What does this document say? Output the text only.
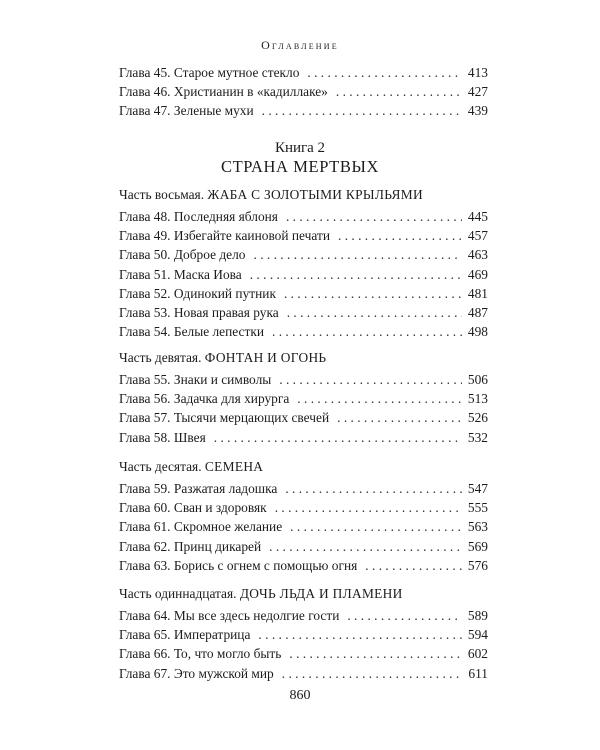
Оглавление
Глава 45. Старое мутное стекло . . .	413
Глава 46. Христианин в «кадиллаке» . . .	427
Глава 47. Зеленые мухи . . .	439
Книга 2
СТРАНА МЕРТВЫХ
Часть восьмая. ЖАБА С ЗОЛОТЫМИ КРЫЛЬЯМИ
Глава 48. Последняя яблоня . . .	445
Глава 49. Избегайте каиновой печати . . .	457
Глава 50. Доброе дело . . .	463
Глава 51. Маска Иова . . .	469
Глава 52. Одинокий путник . . .	481
Глава 53. Новая правая рука . . .	487
Глава 54. Белые лепестки . . .	498
Часть девятая. ФОНТАН И ОГОНЬ
Глава 55. Знаки и символы . . .	506
Глава 56. Задачка для хирурга . . .	513
Глава 57. Тысячи мерцающих свечей . . .	526
Глава 58. Швея . . .	532
Часть десятая. СЕМЕНА
Глава 59. Разжатая ладошка . . .	547
Глава 60. Сван и здоровяк . . .	555
Глава 61. Скромное желание . . .	563
Глава 62. Принц дикарей . . .	569
Глава 63. Борись с огнем с помощью огня . . .	576
Часть одиннадцатая. ДОЧЬ ЛЬДА И ПЛАМЕНИ
Глава 64. Мы все здесь недолгие гости . . .	589
Глава 65. Императрица . . .	594
Глава 66. То, что могло быть . . .	602
Глава 67. Это мужской мир . . .	611
860
